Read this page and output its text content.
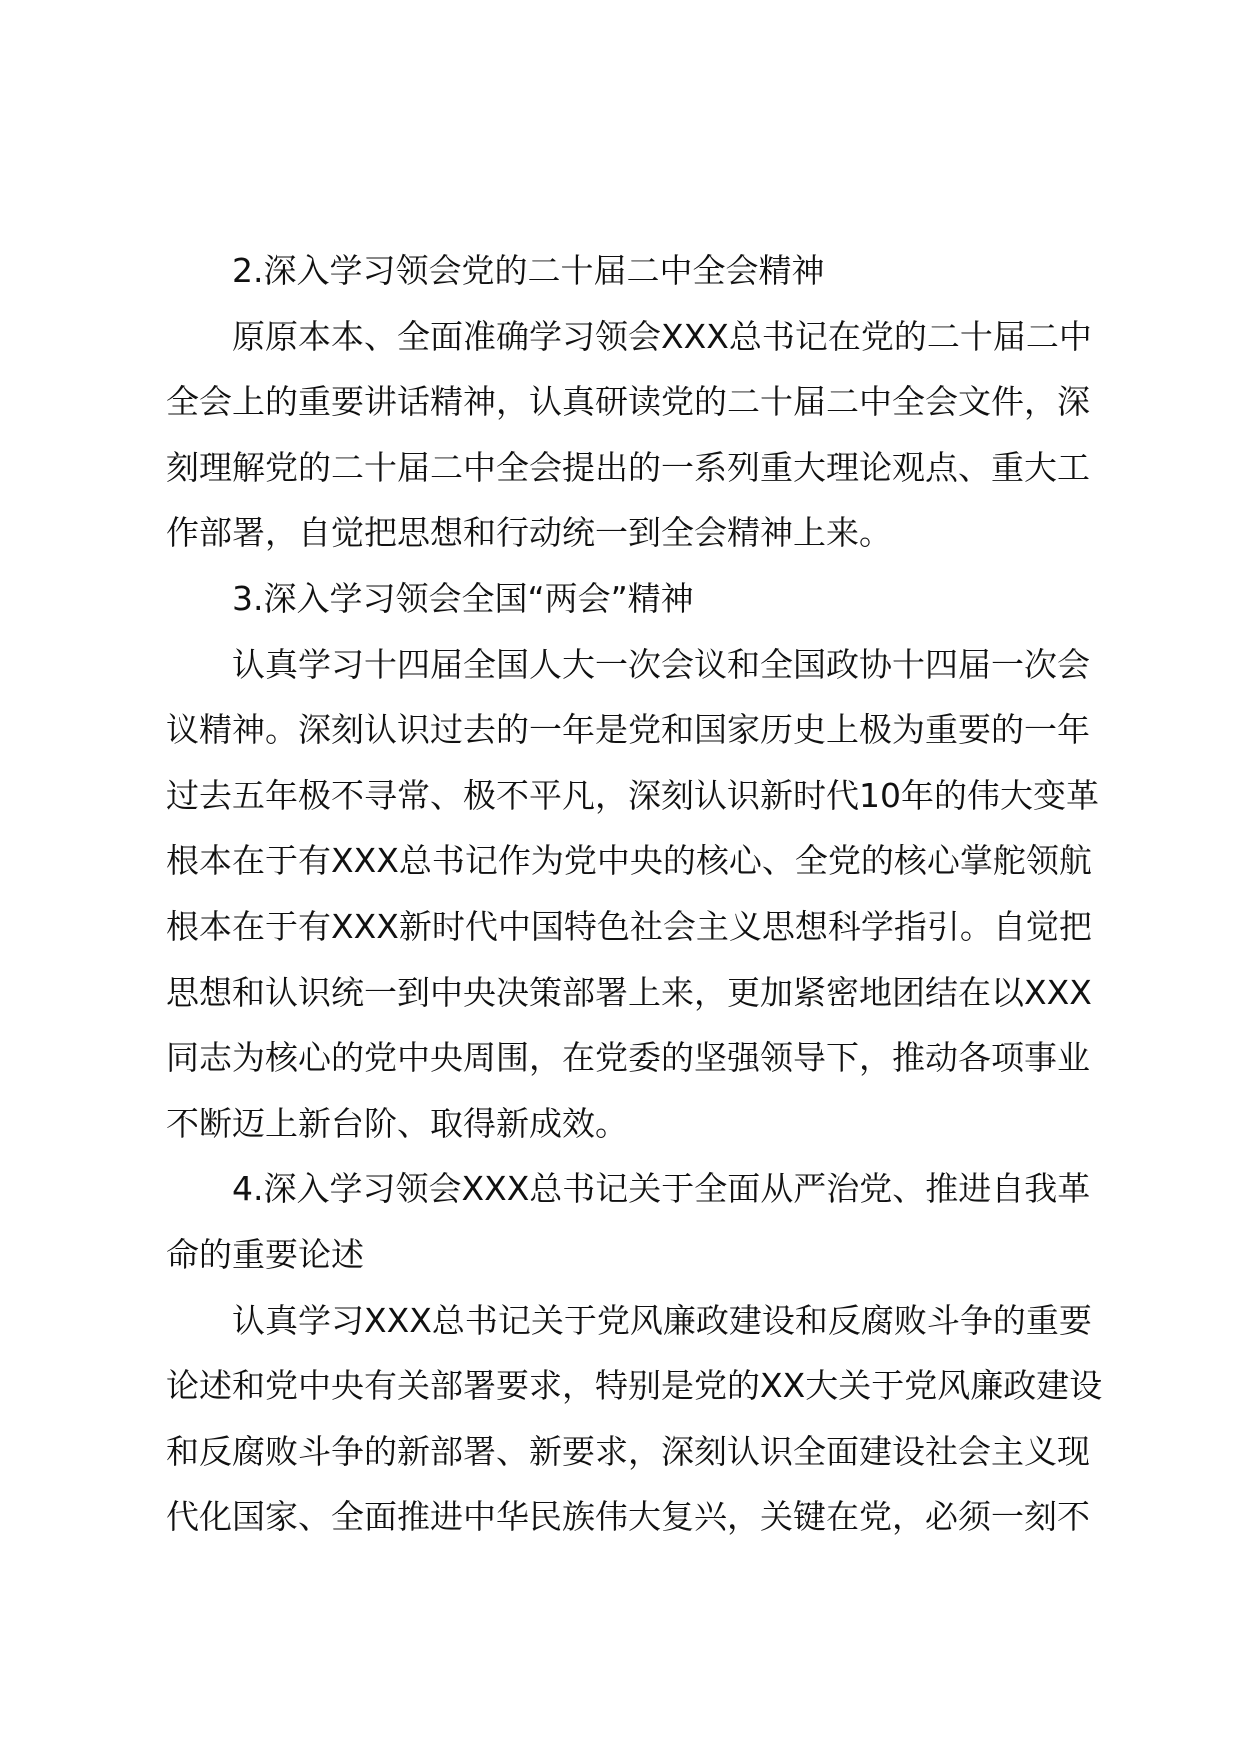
2.深入学习领会党的二十届二中全会精神

原原本本、全面准确学习领会XXX总书记在党的二十届二中
全会上的重要讲话精神，认真研读党的二十届二中全会文件，深
刻理解党的二十届二中全会提出的一系列重大理论观点、重大工
作部署，自觉把思想和行动统一到全会精神上来。

3.深入学习领会全国“两会”精神

认真学习十四届全国人大一次会议和全国政协十四届一次会
议精神。深刻认识过去的一年是党和国家历史上极为重要的一年
过去五年极不寻常、极不平凡，深刻认识新时代10年的伟大变革
根本在于有XXX总书记作为党中央的核心、全党的核心掌舵领航
根本在于有XXX新时代中国特色社会主义思想科学指引。自觉把
思想和认识统一到中央决策部署上来，更加紧密地团结在以XXX
同志为核心的党中央周围，在党委的坚强领导下，推动各项事业
不断迈上新台阶、取得新成效。

4.深入学习领会XXX总书记关于全面从严治党、推进自我革
命的重要论述

认真学习XXX总书记关于党风廉政建设和反腐败斗争的重要
论述和党中央有关部署要求，特别是党的XX大关于党风廉政建设
和反腐败斗争的新部署、新要求，深刻认识全面建设社会主义现
代化国家、全面推进中华民族伟大复兴，关键在党，必须一刻不
